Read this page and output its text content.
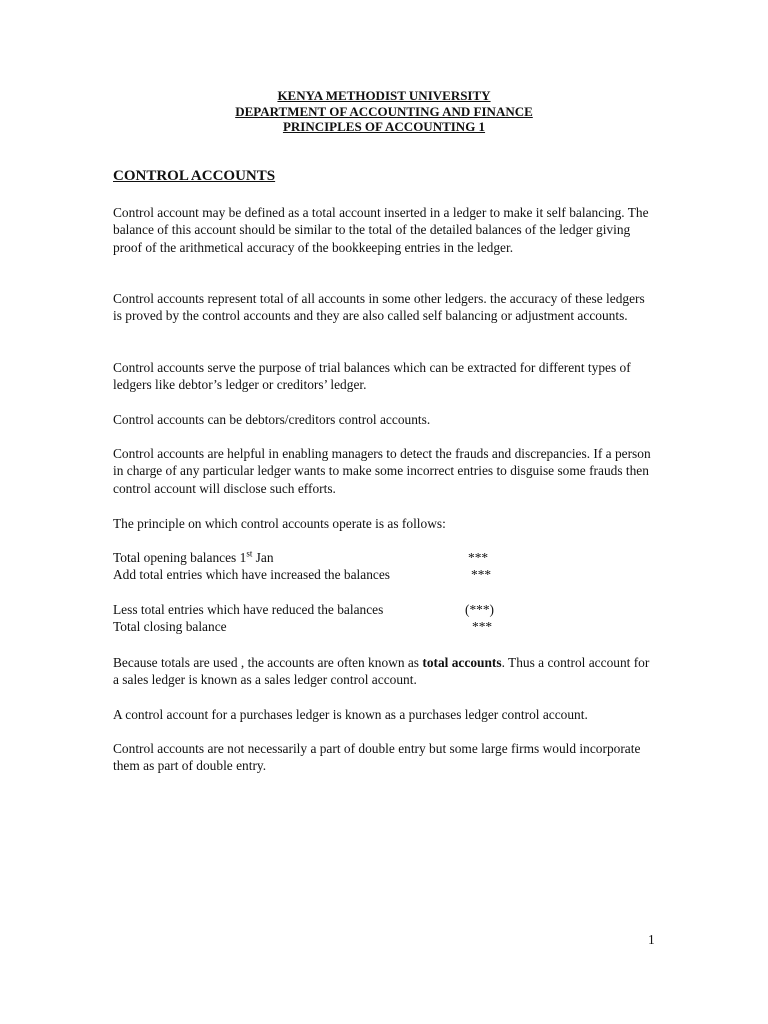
KENYA METHODIST UNIVERSITY
DEPARTMENT OF ACCOUNTING AND FINANCE
PRINCIPLES OF ACCOUNTING 1
CONTROL ACCOUNTS
Control account may be defined as a total account inserted in a ledger to make it self balancing. The balance of this account should be similar to the total of the detailed balances of the ledger giving proof of the arithmetical accuracy of the bookkeeping entries in the ledger.
Control accounts represent total of all accounts in some other ledgers. the accuracy of these ledgers is proved by the control accounts and they are also called self balancing or adjustment accounts.
Control accounts serve the purpose of trial balances which can be extracted for different types of ledgers like debtor’s ledger or creditors’ ledger.
Control accounts can be debtors/creditors control accounts.
Control accounts are helpful in enabling managers to detect the frauds and discrepancies. If a person in charge of any particular ledger wants to make some incorrect entries to disguise some frauds then control account will disclose such efforts.
The principle on which control accounts operate is as follows:
Total opening balances 1st Jan	***
Add total entries which have increased the balances	***
Less total entries which have reduced the balances	(***)
Total closing balance	***
Because totals are used , the accounts are often known as total accounts. Thus a control account for a sales ledger is known as a sales ledger control account.
A control account for a purchases ledger is known as a purchases ledger control account.
Control accounts are not necessarily a part of double entry but some large firms would incorporate them as part of double entry.
1
